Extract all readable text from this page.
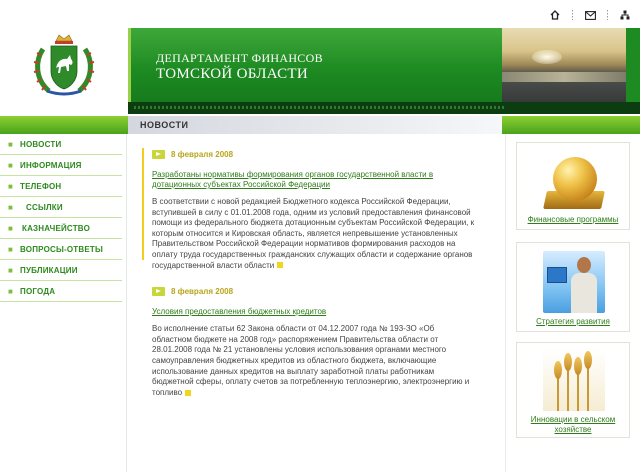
ДЕПАРТАМЕНТ ФИНАНСОВ
ТОМСКОЙ ОБЛАСТИ
НОВОСТИ
■ НОВОСТИ
■ ИНФОРМАЦИЯ
■ ТЕЛЕФОН
■	ССЫЛКИ
■	КАЗНАЧЕЙСТВО
■ ВОПРОСЫ-ОТВЕТЫ
■ ПУБЛИКАЦИИ
■ ПОГОДА
8 февраля 2008
Разработаны нормативы формирования органов государственной власти в дотационных субъектах Российской Федерации
В соответствии с новой редакцией Бюджетного кодекса Российской Федерации, вступившей в силу с 01.01.2008 года, одним из условий предоставления финансовой помощи из федерального бюджета дотационным субъектам Российской Федерации, к которым относится и Кировская область, является непревышение установленных Правительством Российской Федерации нормативов формирования расходов на оплату труда государственных гражданских служащих области и содержание органов государственной власти области
8 февраля 2008
Условия предоставления бюджетных кредитов
Во исполнение статьи 62 Закона области от 04.12.2007 года № 193-ЗО «Об областном бюджете на 2008 год» распоряжением Правительства области от 28.01.2008 года № 21 установлены условия использования органами местного самоуправления бюджетных кредитов из областного бюджета, включающие использование данных кредитов на выплату заработной платы работникам бюджетной сферы, оплату счетов за потребленную теплоэнергию, электроэнергию и топливо
Финансовые программы
Стратегия развития
Инновации в сельском хозяйстве
